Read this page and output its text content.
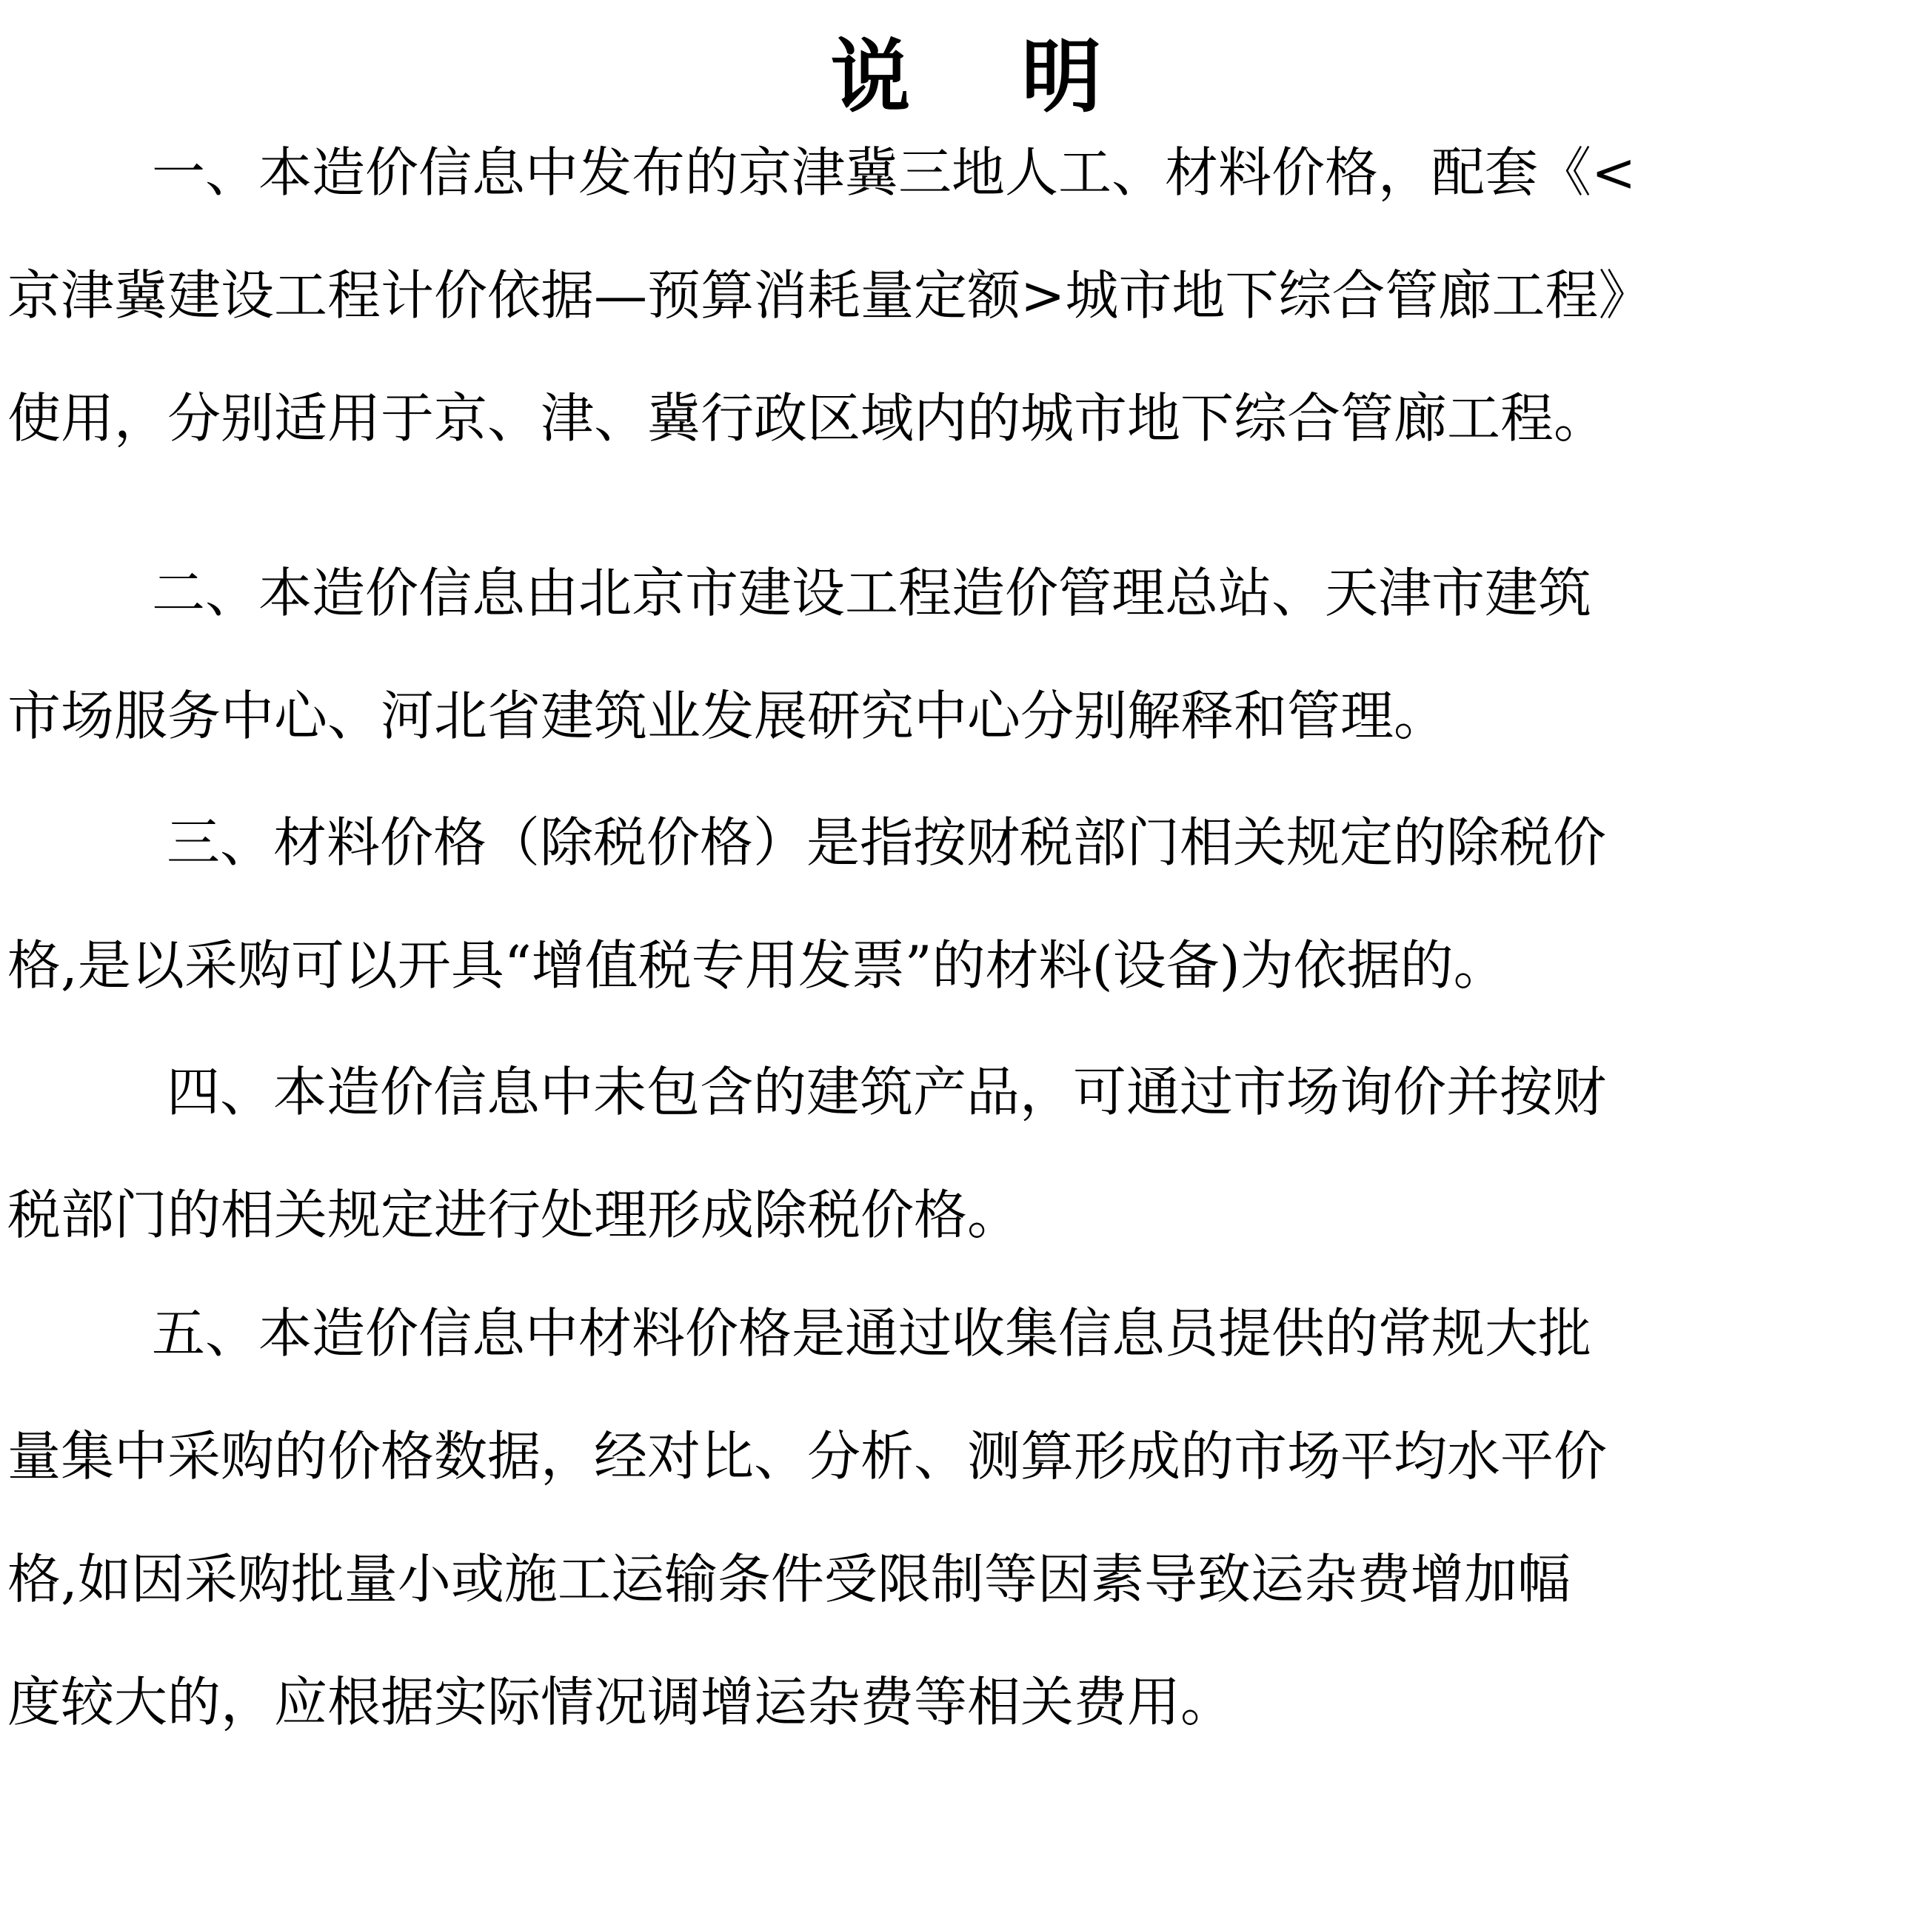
说 明
一、本造价信息中发布的京津冀三地人工、材料价格，配套《<
京津冀建设工程计价依据—预算消耗量定额>城市地下综合管廊工程》
使用，分别适用于京、津、冀行政区域内的城市地下综合管廊工程。
二、本造价信息由北京市建设工程造价管理总站、天津市建筑
市场服务中心、河北省建筑业发展研究中心分别解释和管理。
三、材料价格（除税价格）是指按财税部门相关规定的除税价
格,是以采购可以开具“增值税专用发票”的材料(设备)为依据的。
四、本造价信息中未包含的建筑产品，可通过市场询价并按财
税部门的相关规定进行处理形成除税价格。
五、本造价信息中材料价格是通过收集信息员提供的常规大批
量集中采购的价格数据，经对比、分析、测算形成的市场平均水平价
格,如因采购批量小或施工运输条件受限制等因素导致运杂费增加幅
度较大的，应根据实际情况调增运杂费等相关费用。
